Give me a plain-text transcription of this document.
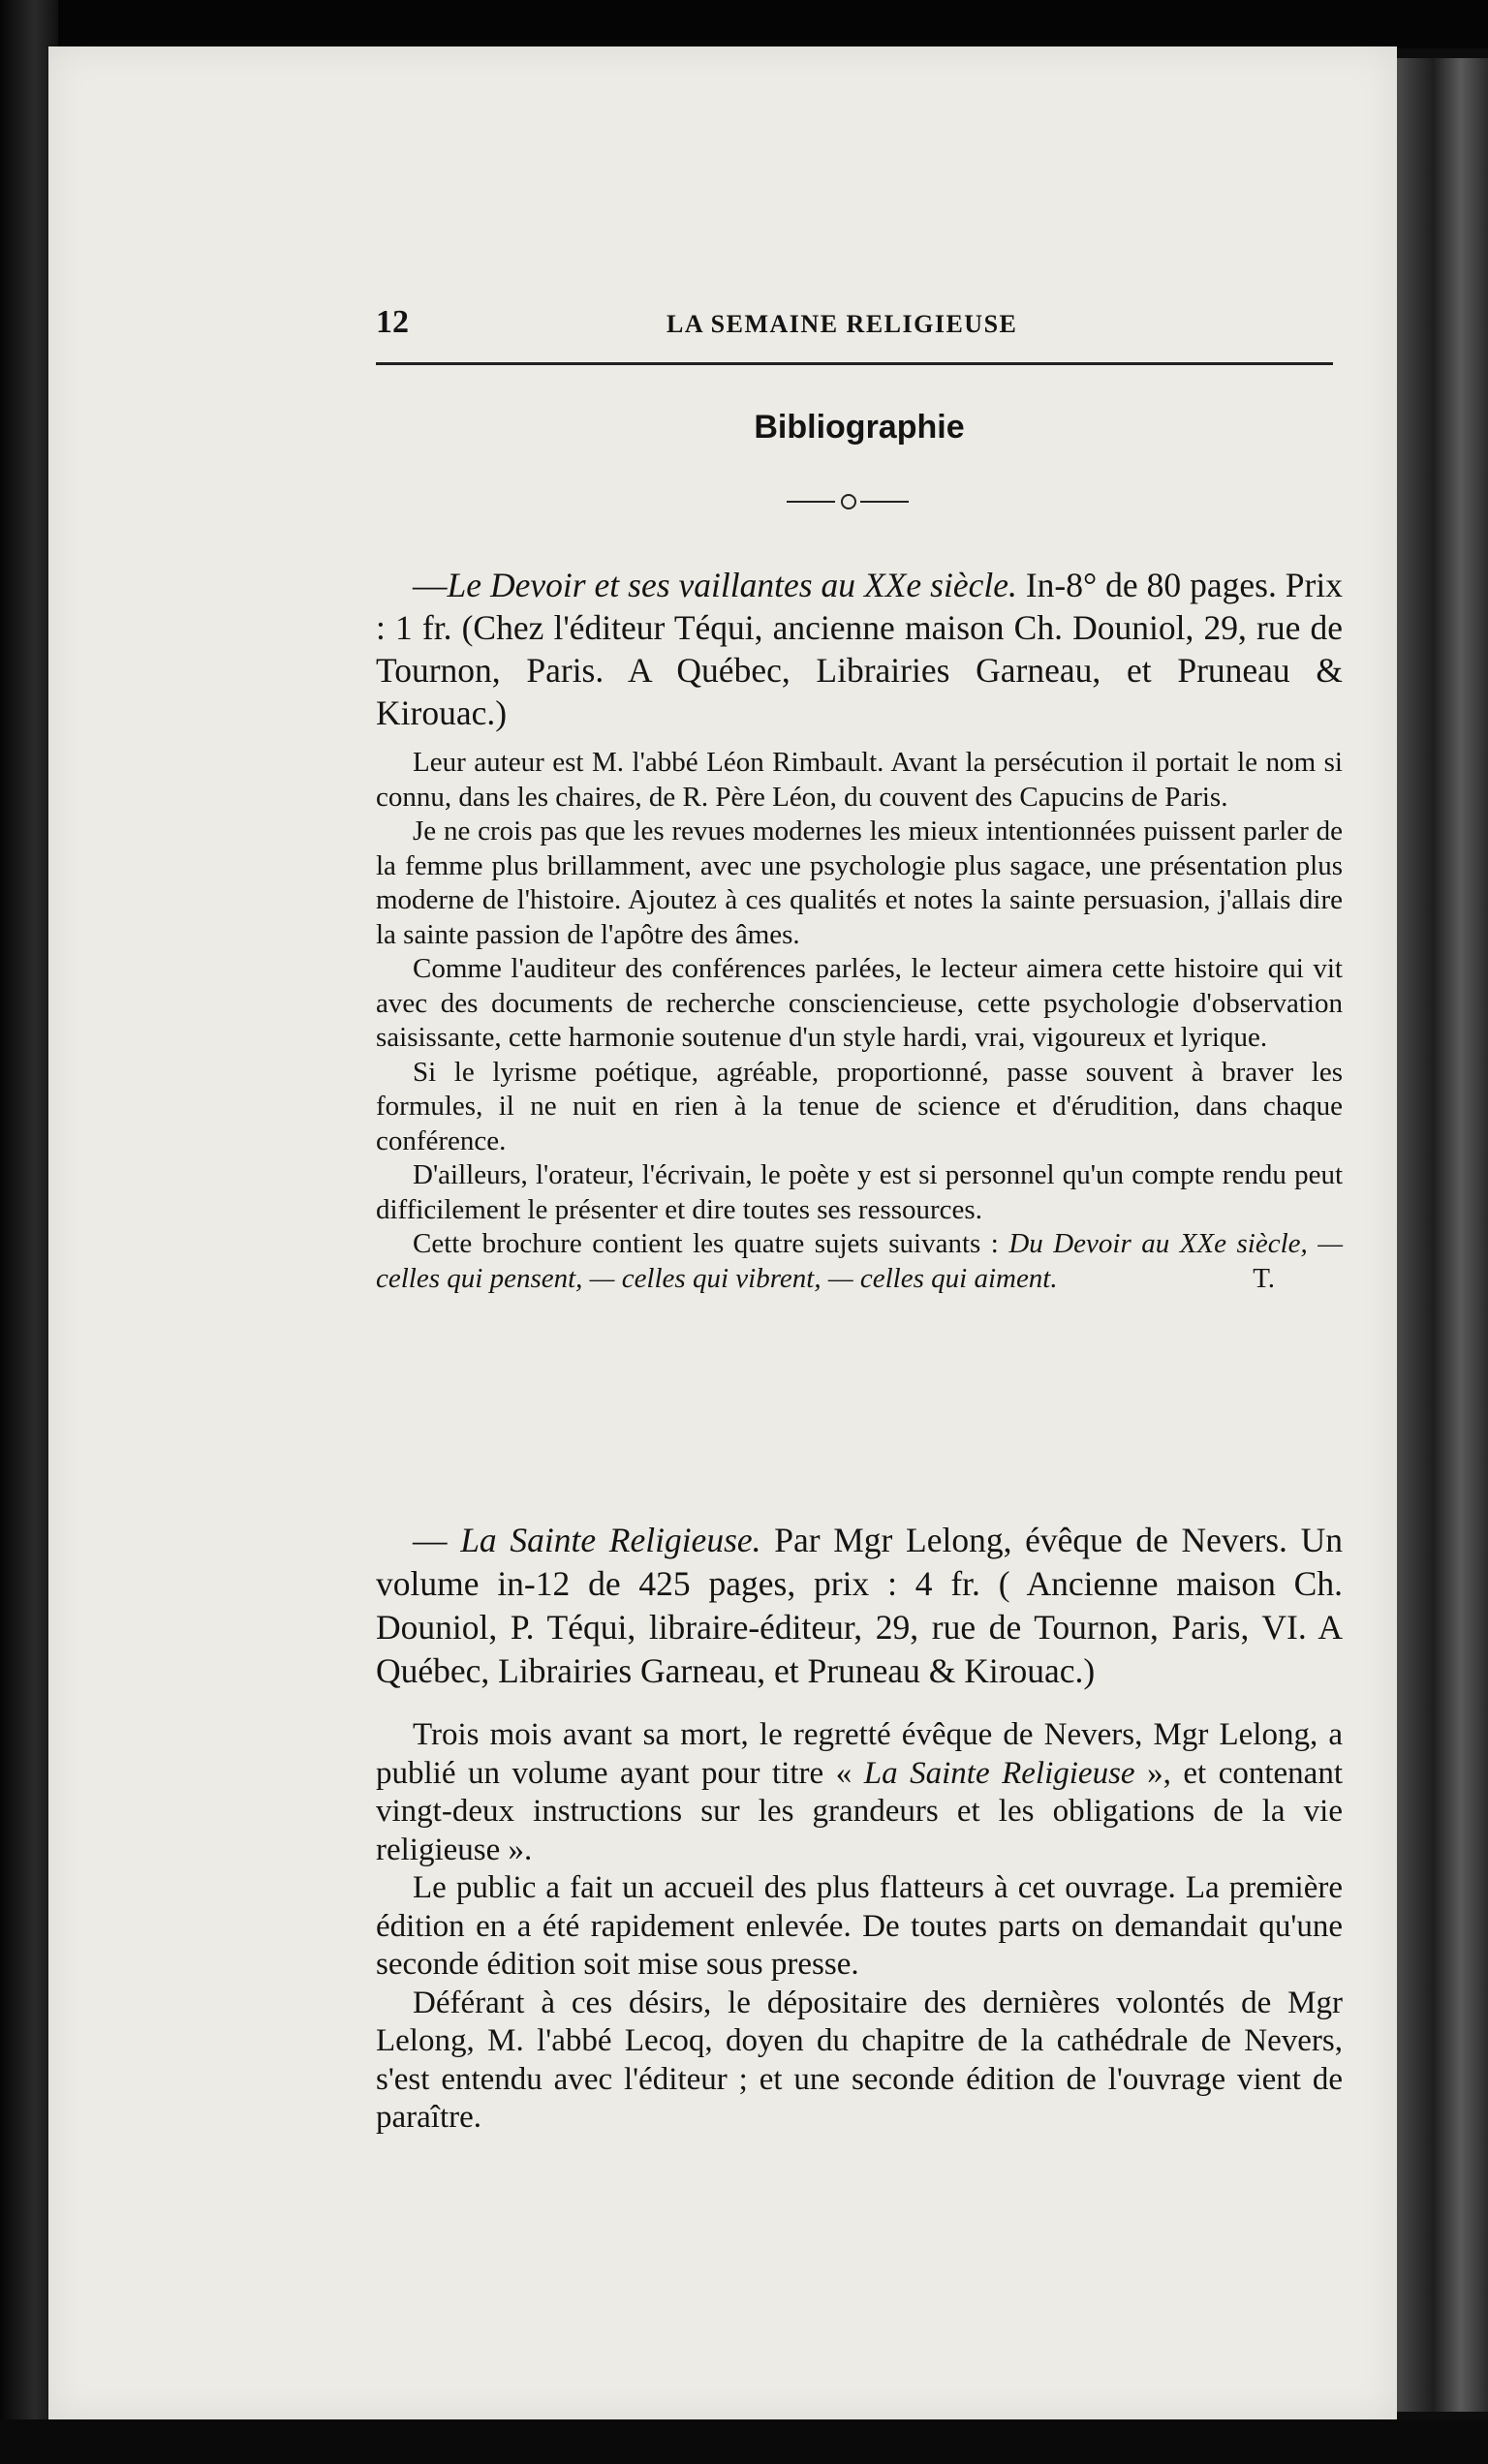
12	LA SEMAINE RELIGIEUSE
Bibliographie

—Le Devoir et ses vaillantes au XXe siècle. In-8° de 80 pages. Prix : 1 fr. (Chez l'éditeur Téqui, ancienne maison Ch. Douniol, 29, rue de Tournon, Paris. A Québec, Librairies Garneau, et Pruneau & Kirouac.)

Leur auteur est M. l'abbé Léon Rimbault. Avant la persécution il portait le nom si connu, dans les chaires, de R. Père Léon, du couvent des Capucins de Paris.

Je ne crois pas que les revues modernes les mieux intentionnées puissent parler de la femme plus brillamment, avec une psychologie plus sagace, une présentation plus moderne de l'histoire. Ajoutez à ces qualités et notes la sainte persuasion, j'allais dire la sainte passion de l'apôtre des âmes.

Comme l'auditeur des conférences parlées, le lecteur aimera cette histoire qui vit avec des documents de recherche consciencieuse, cette psychologie d'observation saisissante, cette harmonie soutenue d'un style hardi, vrai, vigoureux et lyrique.

Si le lyrisme poétique, agréable, proportionné, passe souvent à braver les formules, il ne nuit en rien à la tenue de science et d'érudition, dans chaque conférence.

D'ailleurs, l'orateur, l'écrivain, le poète y est si personnel qu'un compte rendu peut difficilement le présenter et dire toutes ses ressources.

Cette brochure contient les quatre sujets suivants : Du Devoir au XXe siècle, — celles qui pensent, — celles qui vibrent, — celles qui aiment.	T.

— La Sainte Religieuse. Par Mgr Lelong, évêque de Nevers. Un volume in-12 de 425 pages, prix : 4 fr. ( Ancienne maison Ch. Douniol, P. Téqui, libraire-éditeur, 29, rue de Tournon, Paris, VI. A Québec, Librairies Garneau, et Pruneau & Kirouac.)

Trois mois avant sa mort, le regretté évêque de Nevers, Mgr Lelong, a publié un volume ayant pour titre « La Sainte Religieuse », et contenant vingt-deux instructions sur les grandeurs et les obligations de la vie religieuse ».

Le public a fait un accueil des plus flatteurs à cet ouvrage. La première édition en a été rapidement enlevée. De toutes parts on demandait qu'une seconde édition soit mise sous presse.

Déférant à ces désirs, le dépositaire des dernières volontés de Mgr Lelong, M. l'abbé Lecoq, doyen du chapitre de la cathédrale de Nevers, s'est entendu avec l'éditeur ; et une seconde édition de l'ouvrage vient de paraître.
